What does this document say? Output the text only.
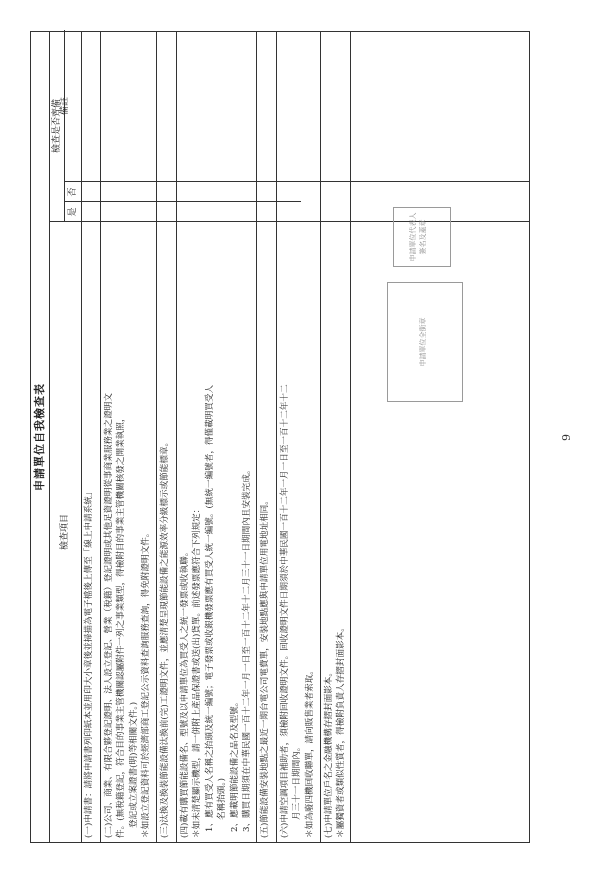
申請單位自我檢查表
檢查項目
檢查是否齊備
是
否
備註
(一)申請書：請將申請書列印紙本並用印大小章後並掃描為電子檔後上傳至「線上申請系統」 (二)公司、商業、有限合夥登記證明、法人設立登記、營業（稅籍）登記證明或其他足資證明從事商業服務業之證明文 件。(無稅籍登記，符合目的事業主管機關認屬附件一列之事業類型，得檢附目的事業主管機關核發之開業執照， 登記或立案證書(明)等相關文件。) ＊如設立登記資料可於經濟部商工登記公示資料查詢服務查詢，得免附證明文件。 (三)汰換及換裝節能設備汰換前(完)工證明文件，並應清楚呈現節能設備之能源效率分級標示或節能標章。 (四)載有購買節能設備名、型號及以申請單位為買受人之統一發票或收執聯。 ＊如未清楚顯示機型，請一併附上產品保證書或送(出)貨單。前述發票應符合下列規定： 1、應有買受人名稱之抬頭及統一編號；電子發票或收銀機發票應有買受人統一編號。(無統一編號者，得僅載明買受人 名稱抬頭。) 2、應載明節能設備之品名及型號。 3、購買日期須在中華民國一百十二年一月一日至一百十二年十二月三十一日期間內且安裝完成。 (五)節能設備安裝地點之最近一期台電公司電費單，安裝地點應與申請單位用電地址相同。 (六)申請空調項目補助者，須檢附回收證明文件。回收證明文件日期須於中華民國一百十二年一月一日至一百十二年十二 月三十一日期間內。 ＊如為廢四機回收聯單，請向販售業者索取。 (七)申請單位戶名之金融機構存摺封面影本。 ＊屬獨資者或類似性質者，得檢附負責人存摺封面影本。
申請單位全銜章
申請單位代表人簽名及蓋章
9
